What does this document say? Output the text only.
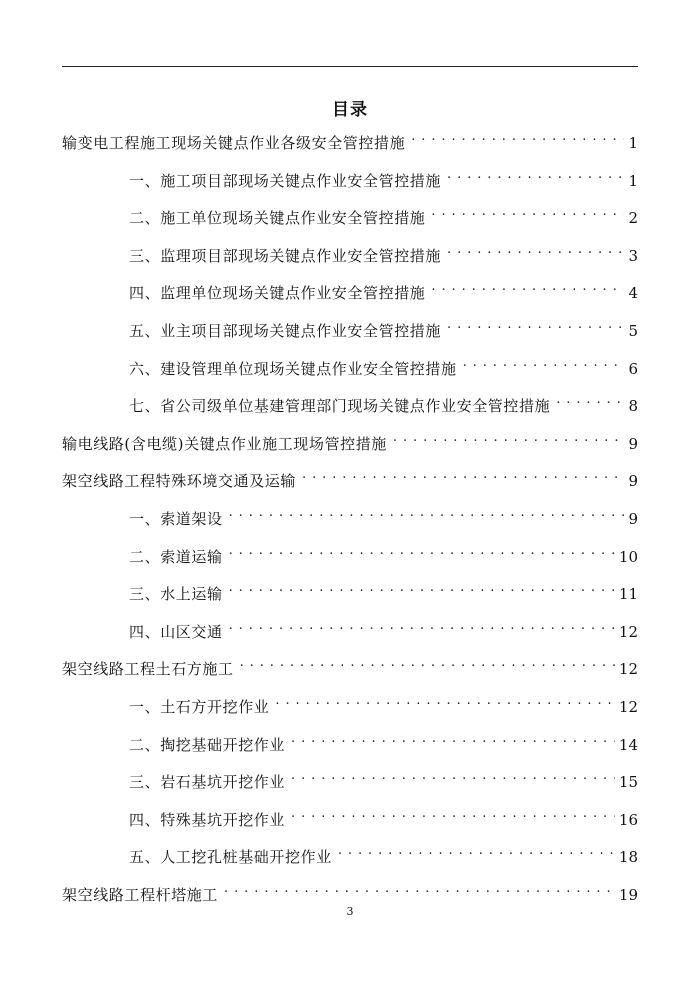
目录
输变电工程施工现场关键点作业各级安全管控措施 . . .	1
一、施工项目部现场关键点作业安全管控措施 . . .	1
二、施工单位现场关键点作业安全管控措施 . . .	2
三、监理项目部现场关键点作业安全管控措施 . . .	3
四、监理单位现场关键点作业安全管控措施 . . .	4
五、业主项目部现场关键点作业安全管控措施 . . .	5
六、建设管理单位现场关键点作业安全管控措施 . . .	6
七、省公司级单位基建管理部门现场关键点作业安全管控措施 . . .	8
输电线路(含电缆)关键点作业施工现场管控措施 . . .	9
架空线路工程特殊环境交通及运输 . . .	9
一、索道架设 . . .	9
二、索道运输 . . .	10
三、水上运输 . . .	11
四、山区交通 . . .	12
架空线路工程土石方施工 . . .	12
一、土石方开挖作业 . . .	12
二、掏挖基础开挖作业 . . .	14
三、岩石基坑开挖作业 . . .	15
四、特殊基坑开挖作业 . . .	16
五、人工挖孔桩基础开挖作业 . . .	18
架空线路工程杆塔施工 . . .	19
3
